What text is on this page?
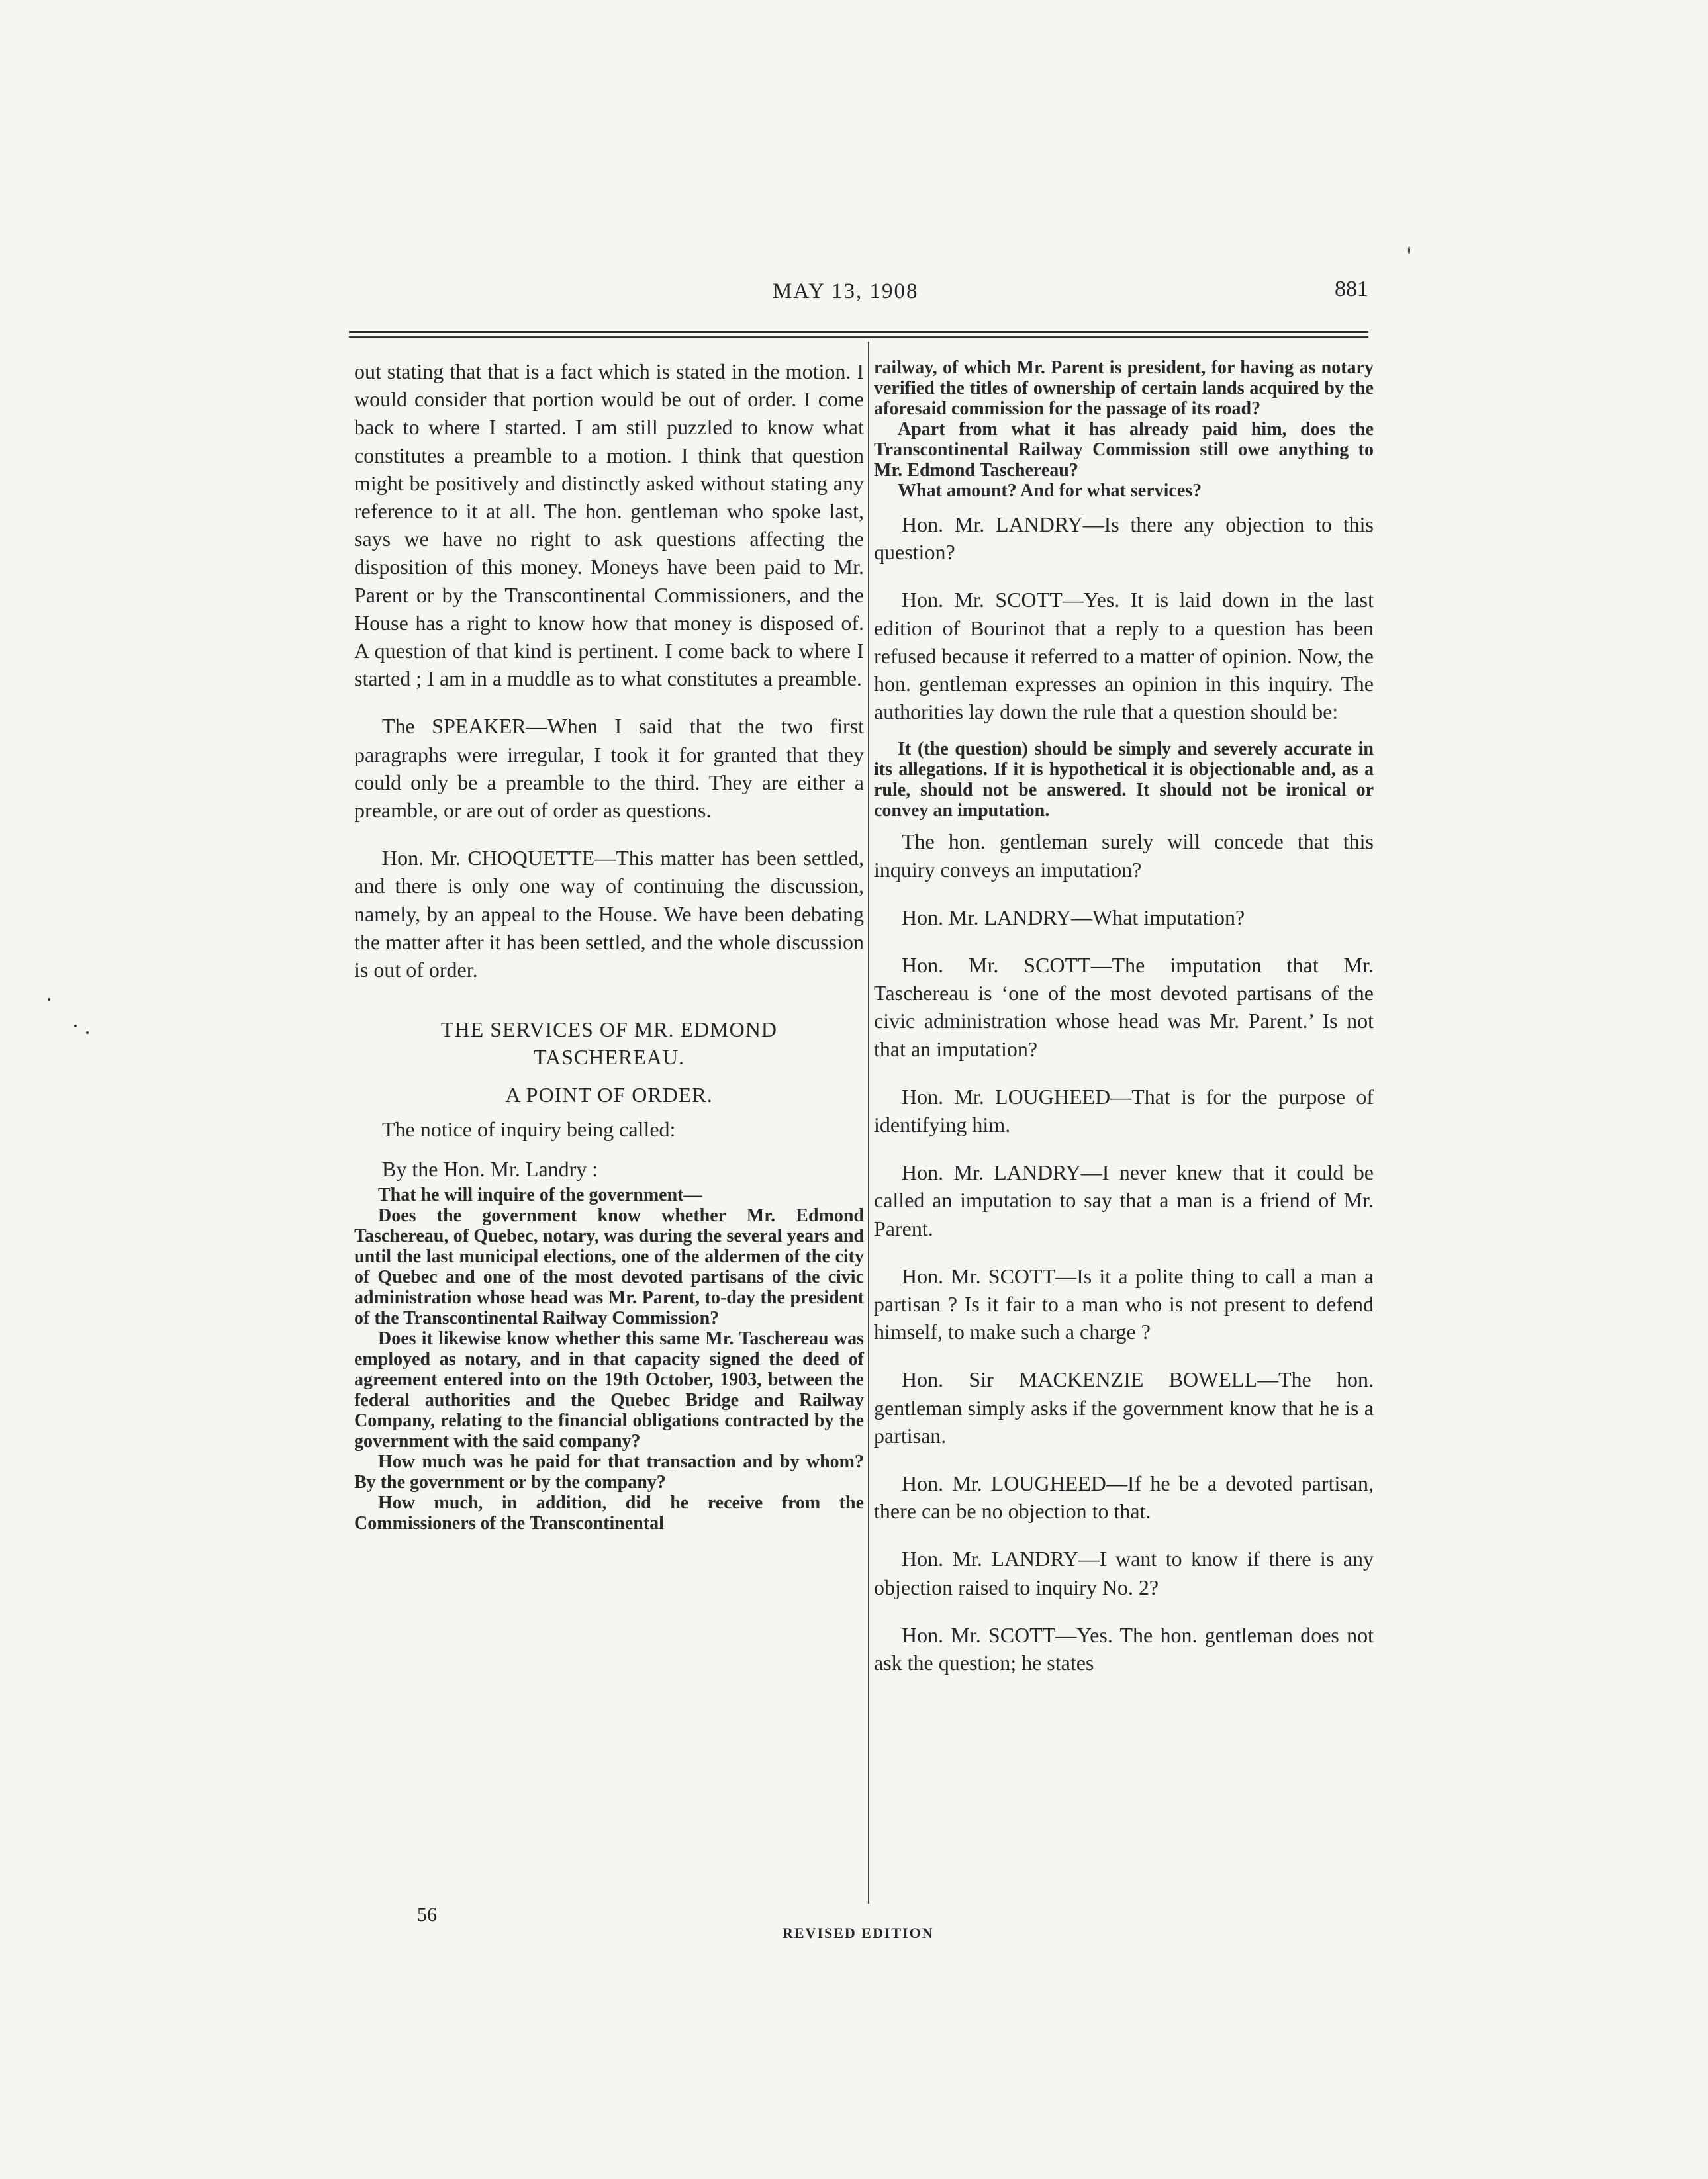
MAY 13, 1908	881

out stating that that is a fact which is stated in the motion. I would consider that portion would be out of order. I come back to where I started. I am still puzzled to know what constitutes a preamble to a motion. I think that question might be positively and distinctly asked without stating any reference to it at all. The hon. gentleman who spoke last, says we have no right to ask questions affecting the disposition of this money. Moneys have been paid to Mr. Parent or by the Transcontinental Commissioners, and the House has a right to know how that money is disposed of. A question of that kind is pertinent. I come back to where I started ; I am in a muddle as to what constitutes a preamble.

The SPEAKER—When I said that the two first paragraphs were irregular, I took it for granted that they could only be a preamble to the third. They are either a preamble, or are out of order as questions.

Hon. Mr. CHOQUETTE—This matter has been settled, and there is only one way of continuing the discussion, namely, by an appeal to the House. We have been debating the matter after it has been settled, and the whole discussion is out of order.

THE SERVICES OF MR. EDMOND TASCHEREAU.

A POINT OF ORDER.

The notice of inquiry being called:

By the Hon. Mr. Landry :

That he will inquire of the government—

Does the government know whether Mr. Edmond Taschereau, of Quebec, notary, was during the several years and until the last municipal elections, one of the aldermen of the city of Quebec and one of the most devoted partisans of the civic administration whose head was Mr. Parent, to-day the president of the Transcontinental Railway Commission?

Does it likewise know whether this same Mr. Taschereau was employed as notary, and in that capacity signed the deed of agreement entered into on the 19th October, 1903, between the federal authorities and the Quebec Bridge and Railway Company, relating to the financial obligations contracted by the government with the said company?

How much was he paid for that transaction and by whom? By the government or by the company?

How much, in addition, did he receive from the Commissioners of the Transcontinental

railway, of which Mr. Parent is president, for having as notary verified the titles of ownership of certain lands acquired by the aforesaid commission for the passage of its road?

Apart from what it has already paid him, does the Transcontinental Railway Commission still owe anything to Mr. Edmond Taschereau?

What amount? And for what services?

Hon. Mr. LANDRY—Is there any objection to this question?

Hon. Mr. SCOTT—Yes. It is laid down in the last edition of Bourinot that a reply to a question has been refused because it referred to a matter of opinion. Now, the hon. gentleman expresses an opinion in this inquiry. The authorities lay down the rule that a question should be:

It (the question) should be simply and severely accurate in its allegations. If it is hypothetical it is objectionable and, as a rule, should not be answered. It should not be ironical or convey an imputation.

The hon. gentleman surely will concede that this inquiry conveys an imputation?

Hon. Mr. LANDRY—What imputation?

Hon. Mr. SCOTT—The imputation that Mr. Taschereau is ‘one of the most devoted partisans of the civic administration whose head was Mr. Parent.’ Is not that an imputation?

Hon. Mr. LOUGHEED—That is for the purpose of identifying him.

Hon. Mr. LANDRY—I never knew that it could be called an imputation to say that a man is a friend of Mr. Parent.

Hon. Mr. SCOTT—Is it a polite thing to call a man a partisan ? Is it fair to a man who is not present to defend himself, to make such a charge ?

Hon. Sir MACKENZIE BOWELL—The hon. gentleman simply asks if the government know that he is a partisan.

Hon. Mr. LOUGHEED—If he be a devoted partisan, there can be no objection to that.

Hon. Mr. LANDRY—I want to know if there is any objection raised to inquiry No. 2?

Hon. Mr. SCOTT—Yes. The hon. gentleman does not ask the question; he states

56
REVISED EDITION
